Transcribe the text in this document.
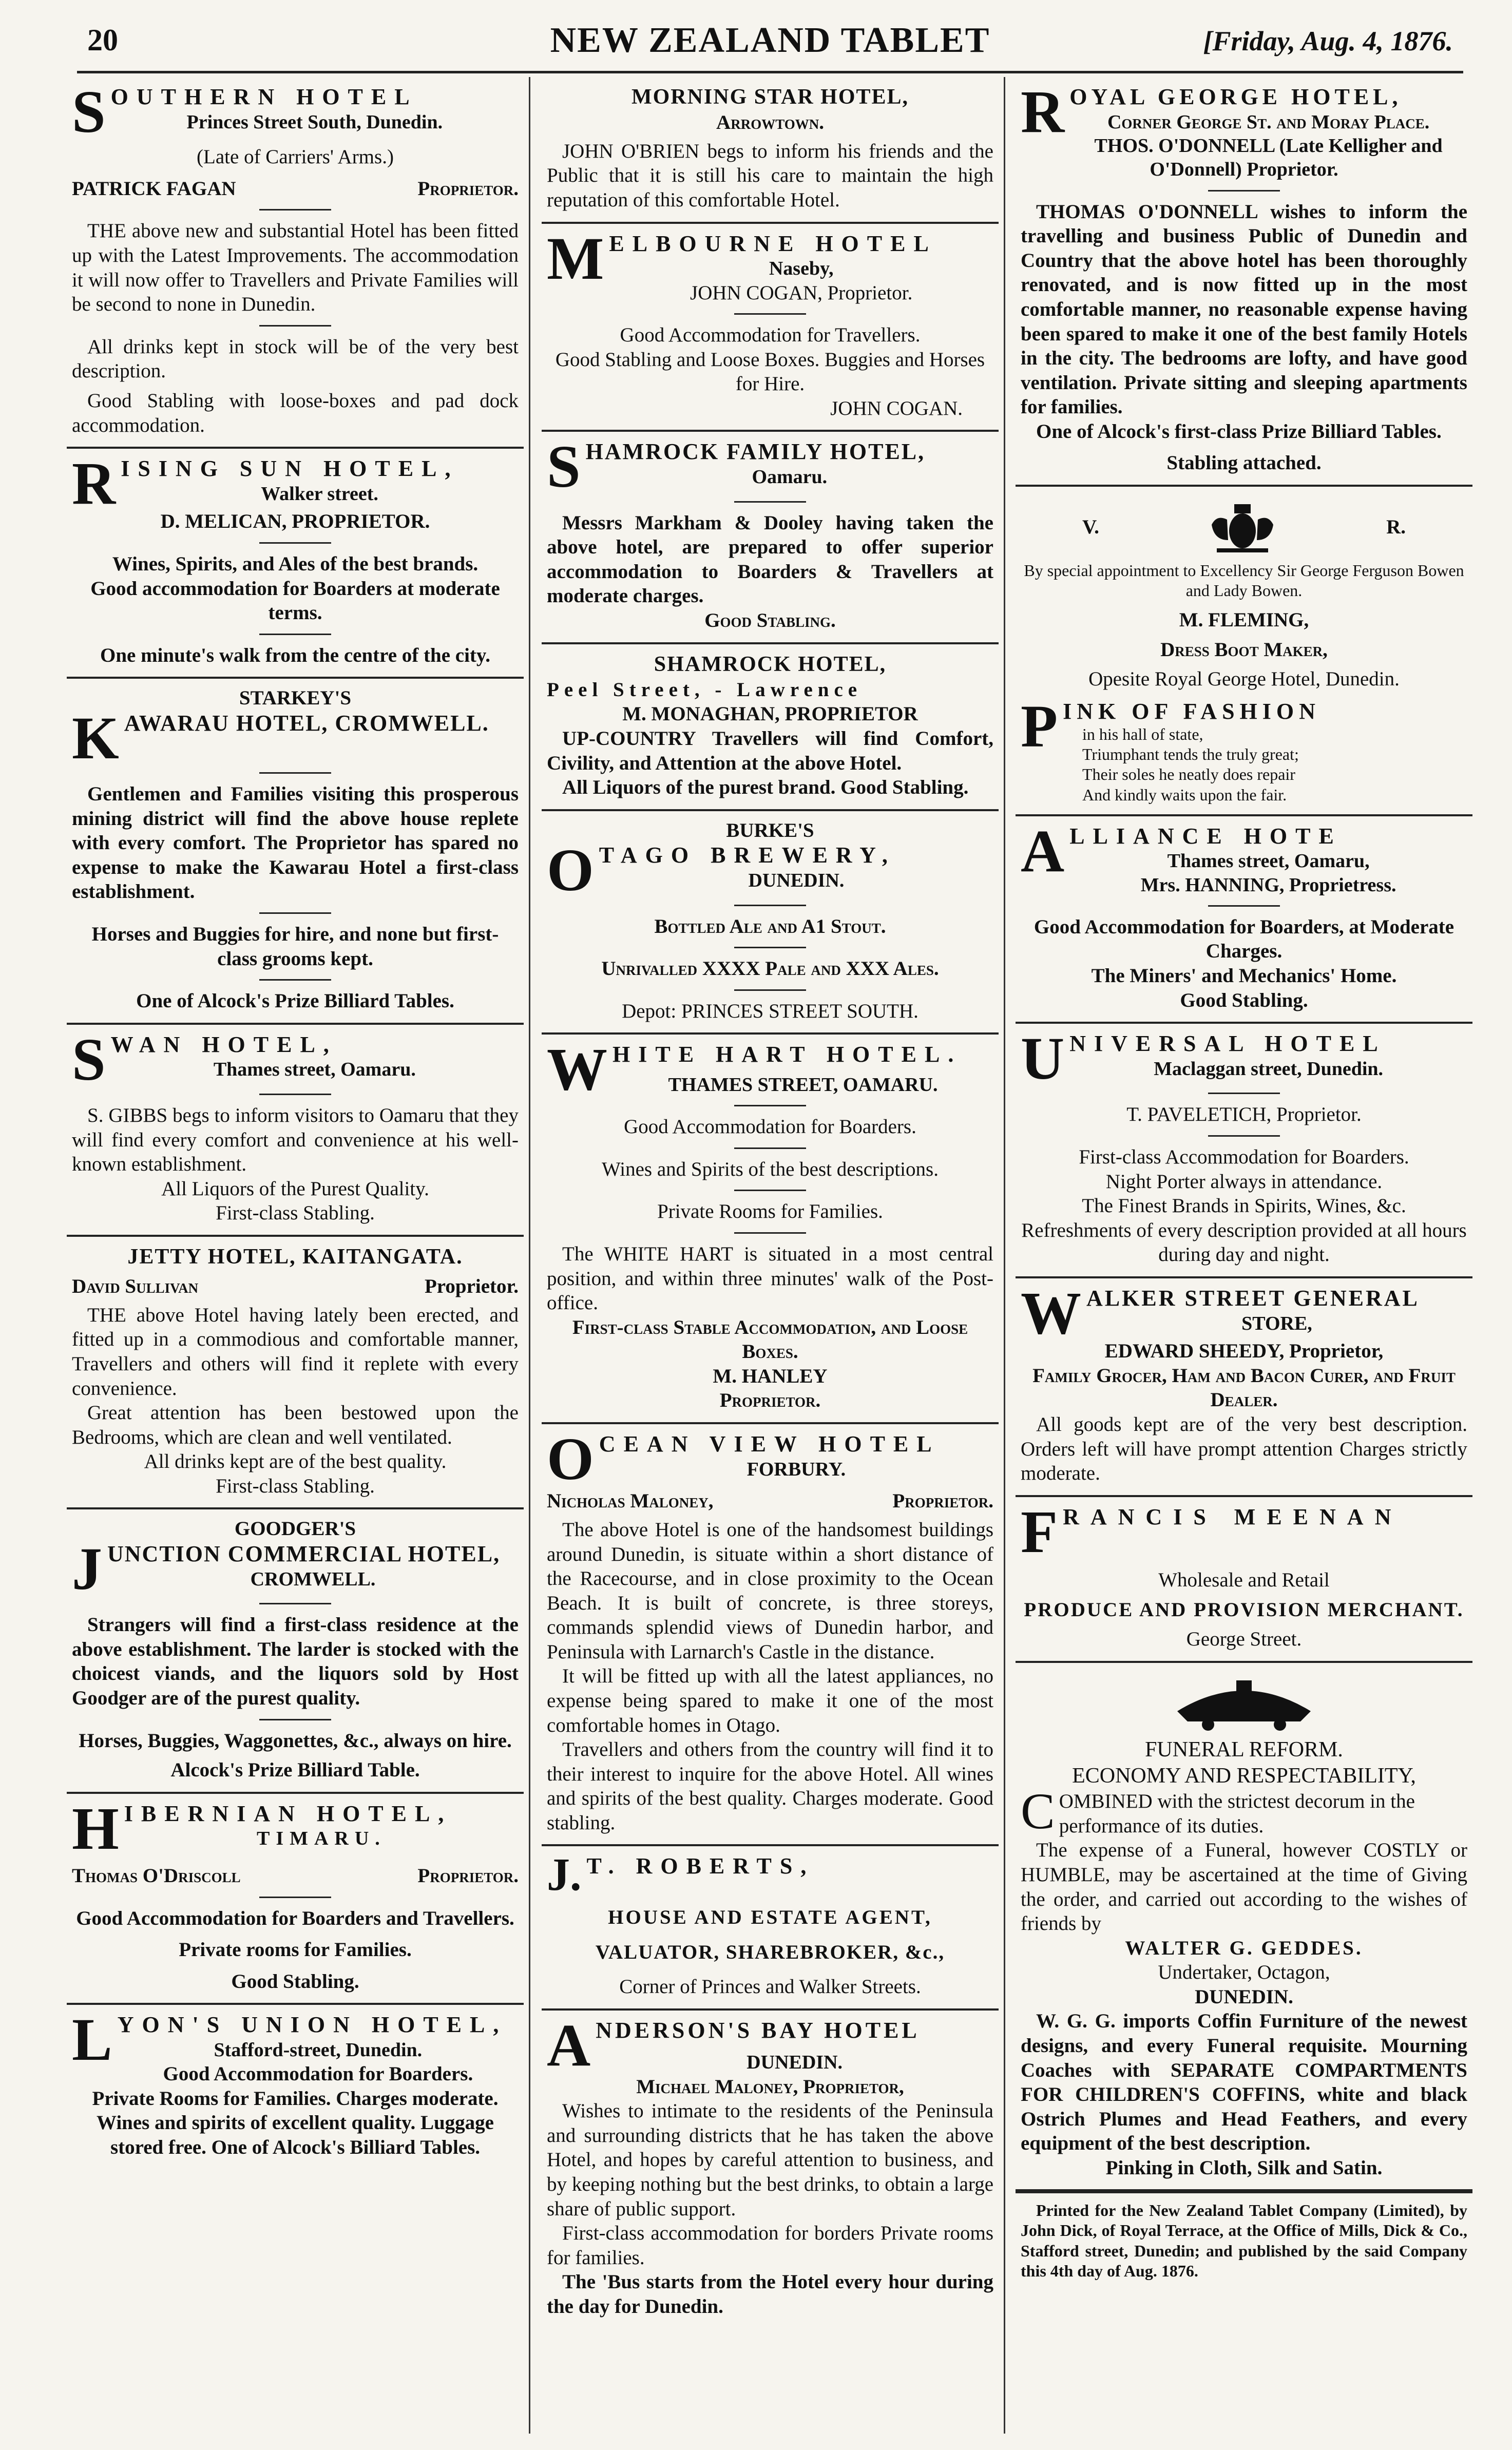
20	NEW ZEALAND TABLET	[Friday, Aug. 4, 1876.
SOUTHERN HOTEL
Princes Street South, Dunedin.
(Late of Carriers' Arms.)
PATRICK FAGAN	Proprietor.
THE above new and substantial Hotel has been fitted up with the Latest Improvements. The accommodation it will now offer to Travellers and Private Families will be second to none in Dunedin.
All drinks kept in stock will be of the very best description.
Good Stabling with loose-boxes and pad dock accommodation.
RISING SUN HOTEL,
Walker street.
D. MELICAN, PROPRIETOR.
Wines, Spirits, and Ales of the best brands.
Good accommodation for Boarders at moderate terms.
One minute's walk from the centre of the city.
STARKEY'S
KAWARAU HOTEL, CROMWELL.
Gentlemen and Families visiting this prosperous mining district will find the above house replete with every comfort. The Proprietor has spared no expense to make the Kawarau Hotel a first-class establishment.
Horses and Buggies for hire, and none but first-class grooms kept.
One of Alcock's Prize Billiard Tables.
SWAN HOTEL,
Thames street, Oamaru.
S. GIBBS begs to inform visitors to Oamaru that they will find every comfort and convenience at his well-known establishment.
All Liquors of the Purest Quality.
First-class Stabling.
JETTY HOTEL, KAITANGATA.
David Sullivan	Proprietor.
THE above Hotel having lately been erected, and fitted up in a commodious and comfortable manner, Travellers and others will find it replete with every convenience.
Great attention has been bestowed upon the Bedrooms, which are clean and well ventilated.
All drinks kept are of the best quality.
First-class Stabling.
GOODGER'S
JUNCTION COMMERCIAL HOTEL,
CROMWELL.
Strangers will find a first-class residence at the above establishment. The larder is stocked with the choicest viands, and the liquors sold by Host Goodger are of the purest quality.
Horses, Buggies, Waggonettes, &c., always on hire.
Alcock's Prize Billiard Table.
HIBERNIAN HOTEL,
TIMARU.
Thomas O'Driscoll	Proprietor.
Good Accommodation for Boarders and Travellers.
Private rooms for Families.
Good Stabling.
LYON'S UNION HOTEL,
Stafford-street, Dunedin.
Good Accommodation for Boarders.
Private Rooms for Families. Charges moderate. Wines and spirits of excellent quality. Luggage stored free. One of Alcock's Billiard Tables.
MORNING STAR HOTEL,
Arrowtown.
JOHN O'BRIEN begs to inform his friends and the Public that it is still his care to maintain the high reputation of this comfortable Hotel.
MELBOURNE HOTEL
Naseby,
JOHN COGAN, Proprietor.
Good Accommodation for Travellers.
Good Stabling and Loose Boxes. Buggies and Horses for Hire.
JOHN COGAN.
SHAMROCK FAMILY HOTEL,
Oamaru.
Messrs Markham & Dooley having taken the above hotel, are prepared to offer superior accommodation to Boarders & Travellers at moderate charges.
Good Stabling.
SHAMROCK HOTEL,
Peel Street, - Lawrence
M. MONAGHAN, PROPRIETOR
UP-COUNTRY Travellers will find Comfort, Civility, and Attention at the above Hotel.
All Liquors of the purest brand. Good Stabling.
BURKE'S
OTAGO BREWERY,
DUNEDIN.
Bottled Ale and A1 Stout.
Unrivalled XXXX Pale and XXX Ales.
Depot: PRINCES STREET SOUTH.
WHITE HART HOTEL.
THAMES STREET, OAMARU.
Good Accommodation for Boarders.
Wines and Spirits of the best descriptions.
Private Rooms for Families.
The WHITE HART is situated in a most central position, and within three minutes' walk of the Post-office.
First-class Stable Accommodation, and Loose Boxes.
M. HANLEY
Proprietor.
OCEAN VIEW HOTEL
FORBURY.
Nicholas Maloney,	Proprietor.
The above Hotel is one of the handsomest buildings around Dunedin, is situate within a short distance of the Racecourse, and in close proximity to the Ocean Beach. It is built of concrete, is three storeys, commands splendid views of Dunedin harbor, and Peninsula with Larnarch's Castle in the distance.
It will be fitted up with all the latest appliances, no expense being spared to make it one of the most comfortable homes in Otago.
Travellers and others from the country will find it to their interest to inquire for the above Hotel. All wines and spirits of the best quality. Charges moderate. Good stabling.
J. T. ROBERTS,
HOUSE AND ESTATE AGENT,
VALUATOR, SHAREBROKER, &c.,
Corner of Princes and Walker Streets.
ANDERSON'S BAY HOTEL
DUNEDIN.
Michael Maloney, Proprietor,
Wishes to intimate to the residents of the Peninsula and surrounding districts that he has taken the above Hotel, and hopes by careful attention to business, and by keeping nothing but the best drinks, to obtain a large share of public support.
First-class accommodation for borders Private rooms for families.
The 'Bus starts from the Hotel every hour during the day for Dunedin.
ROYAL GEORGE HOTEL,
Corner George St. and Moray Place.
THOS. O'DONNELL (Late Kelligher and O'Donnell) Proprietor.
THOMAS O'DONNELL wishes to inform the travelling and business Public of Dunedin and Country that the above hotel has been thoroughly renovated, and is now fitted up in the most comfortable manner, no reasonable expense having been spared to make it one of the best family Hotels in the city. The bedrooms are lofty, and have good ventilation. Private sitting and sleeping apartments for families.
One of Alcock's first-class Prize Billiard Tables.
Stabling attached.
V.	R.
By special appointment to Excellency Sir George Ferguson Bowen and Lady Bowen.
M. FLEMING,
Dress Boot Maker,
Opesite Royal George Hotel, Dunedin.
PINK OF FASHION
in his hall of state,
Triumphant tends the truly great;
Their soles he neatly does repair
And kindly waits upon the fair.
ALLIANCE HOTE
Thames street, Oamaru,
Mrs. HANNING, Proprietress.
Good Accommodation for Boarders, at Moderate Charges.
The Miners' and Mechanics' Home.
Good Stabling.
UNIVERSAL HOTEL
Maclaggan street, Dunedin.
T. PAVELETICH, Proprietor.
First-class Accommodation for Boarders.
Night Porter always in attendance.
The Finest Brands in Spirits, Wines, &c.
Refreshments of every description provided at all hours during day and night.
WALKER STREET GENERAL
STORE,
EDWARD SHEEDY, Proprietor,
Family Grocer, Ham and Bacon Curer, and Fruit Dealer.
All goods kept are of the very best description. Orders left will have prompt attention Charges strictly moderate.
FRANCIS MEENAN
Wholesale and Retail
PRODUCE AND PROVISION MERCHANT.
George Street.
FUNERAL REFORM.
ECONOMY AND RESPECTABILITY,
COMBINED with the strictest decorum in the performance of its duties.
The expense of a Funeral, however COSTLY or HUMBLE, may be ascertained at the time of Giving the order, and carried out according to the wishes of friends by
WALTER G. GEDDES.
Undertaker, Octagon,
DUNEDIN.
W. G. G. imports Coffin Furniture of the newest designs, and every Funeral requisite. Mourning Coaches with SEPARATE COMPARTMENTS FOR CHILDREN'S COFFINS, white and black Ostrich Plumes and Head Feathers, and every equipment of the best description.
Pinking in Cloth, Silk and Satin.
Printed for the New Zealand Tablet Company (Limited), by John Dick, of Royal Terrace, at the Office of Mills, Dick & Co., Stafford street, Dunedin; and published by the said Company this 4th day of Aug. 1876.
